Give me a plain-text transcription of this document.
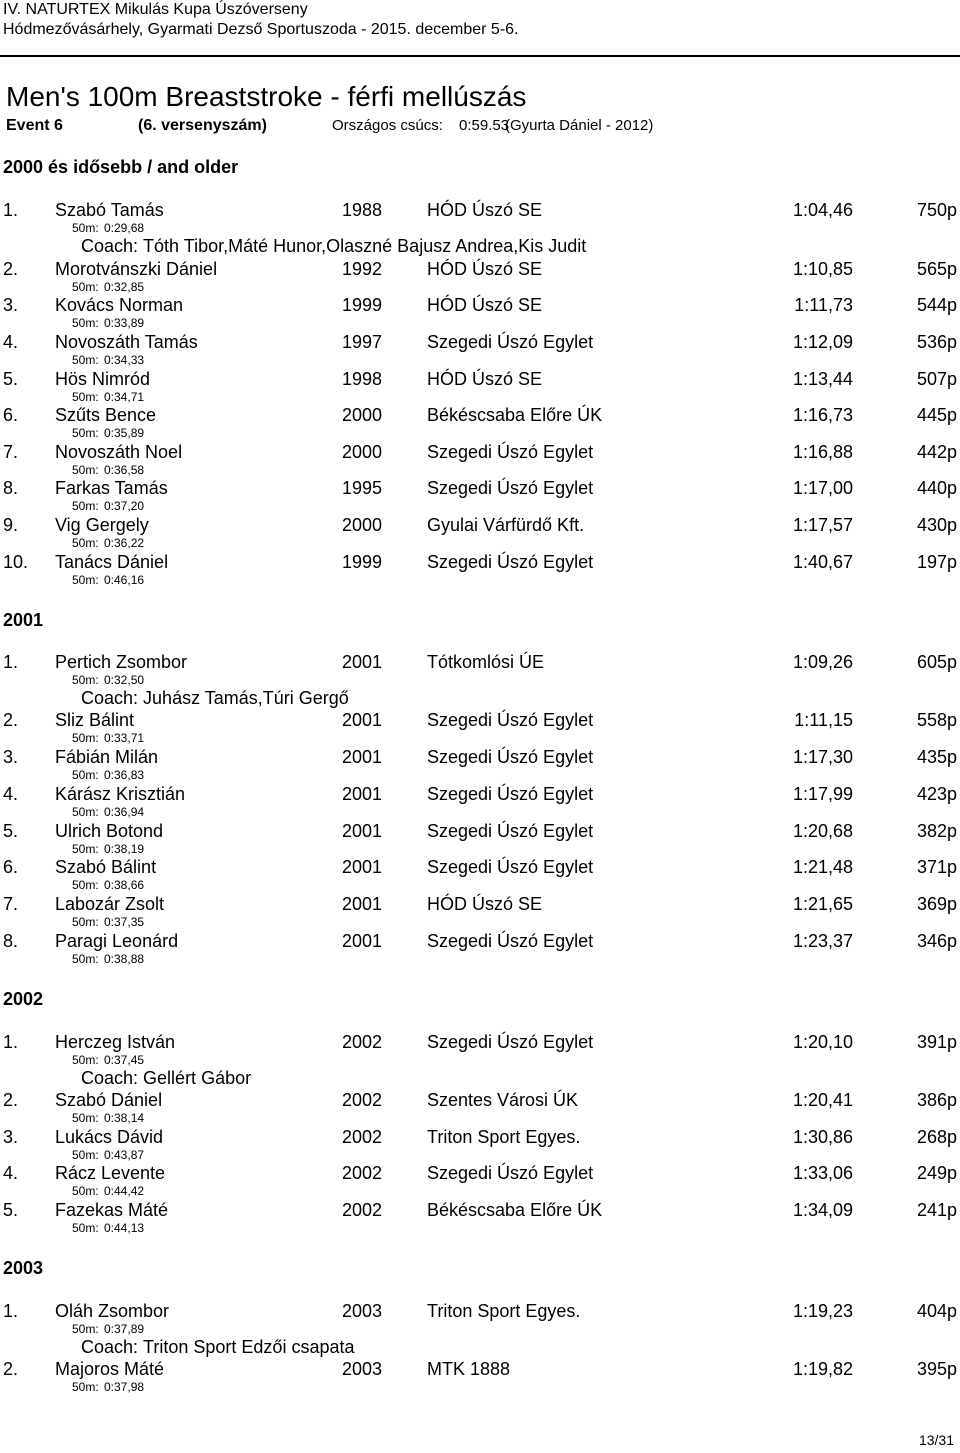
IV. NATURTEX Mikulás Kupa Úszóverseny
Hódmezővásárhely, Gyarmati Dezső Sportuszoda - 2015. december 5-6.
Men's 100m Breaststroke - férfi mellúszás
Event 6	(6. versenyszám)	Országos csúcs: 0:59.53
(Gyurta Dániel - 2012)
2000 és idősebb / and older
1. Szabó Tamás	1988 HÓD Úszó SE	1:04,46	750p
50m: 0:29,68
Coach: Tóth Tibor,Máté Hunor,Olaszné Bajusz Andrea,Kis Judit
2. Morotvánszki Dániel	1992 HÓD Úszó SE	1:10,85	565p
50m: 0:32,85
3. Kovács Norman	1999 HÓD Úszó SE	1:11,73	544p
50m: 0:33,89
4. Novoszáth Tamás	1997 Szegedi Úszó Egylet	1:12,09	536p
50m: 0:34,33
5. Hös Nimród	1998 HÓD Úszó SE	1:13,44	507p
50m: 0:34,71
6. Szűts Bence	2000 Békéscsaba Előre ÚK	1:16,73	445p
50m: 0:35,89
7. Novoszáth Noel	2000 Szegedi Úszó Egylet	1:16,88	442p
50m: 0:36,58
8. Farkas Tamás	1995 Szegedi Úszó Egylet	1:17,00	440p
50m: 0:37,20
9. Vig Gergely	2000 Gyulai Várfürdő Kft.	1:17,57	430p
50m: 0:36,22
10. Tanács Dániel	1999 Szegedi Úszó Egylet	1:40,67	197p
50m: 0:46,16
2001
1. Pertich Zsombor	2001 Tótkomlósi ÚE	1:09,26	605p
50m: 0:32,50
Coach: Juhász Tamás,Túri Gergő
2. Sliz Bálint	2001 Szegedi Úszó Egylet	1:11,15	558p
50m: 0:33,71
3. Fábián Milán	2001 Szegedi Úszó Egylet	1:17,30	435p
50m: 0:36,83
4. Kárász Krisztián	2001 Szegedi Úszó Egylet	1:17,99	423p
50m: 0:36,94
5. Ulrich Botond	2001 Szegedi Úszó Egylet	1:20,68	382p
50m: 0:38,19
6. Szabó Bálint	2001 Szegedi Úszó Egylet	1:21,48	371p
50m: 0:38,66
7. Labozár Zsolt	2001 HÓD Úszó SE	1:21,65	369p
50m: 0:37,35
8. Paragi Leonárd	2001 Szegedi Úszó Egylet	1:23,37	346p
50m: 0:38,88
2002
1. Herczeg István	2002 Szegedi Úszó Egylet	1:20,10	391p
50m: 0:37,45
Coach: Gellért Gábor
2. Szabó Dániel	2002 Szentes Városi ÚK	1:20,41	386p
50m: 0:38,14
3. Lukács Dávid	2002 Triton Sport Egyes.	1:30,86	268p
50m: 0:43,87
4. Rácz Levente	2002 Szegedi Úszó Egylet	1:33,06	249p
50m: 0:44,42
5. Fazekas Máté	2002 Békéscsaba Előre ÚK	1:34,09	241p
50m: 0:44,13
2003
1. Oláh Zsombor	2003 Triton Sport Egyes.	1:19,23	404p
50m: 0:37,89
Coach: Triton Sport Edzői csapata
2. Majoros Máté	2003 MTK 1888	1:19,82	395p
50m: 0:37,98
13/31
